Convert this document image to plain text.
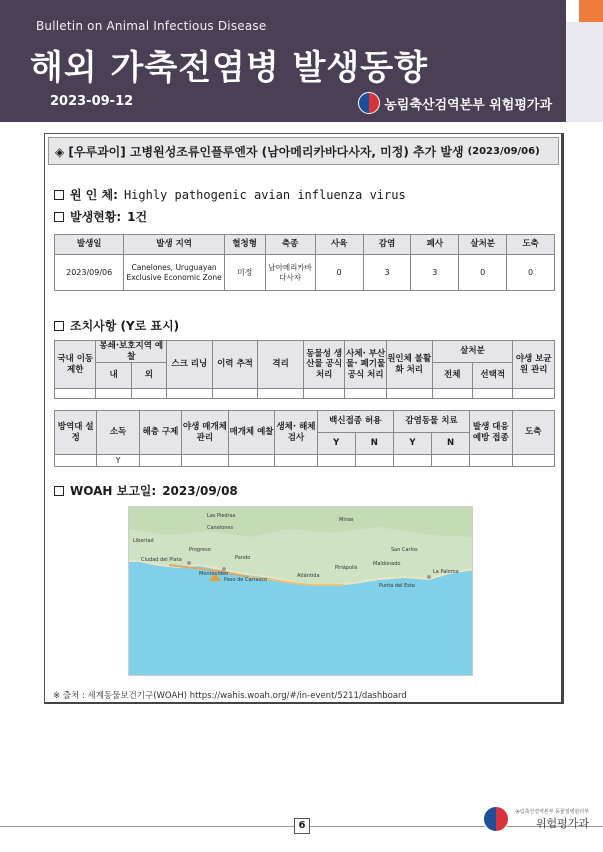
Bulletin on Animal Infectious Disease
해외 가축전염병 발생동향
2023-09-12	농림축산검역본부 위험평가과
◈ [우루과이] 고병원성조류인플루엔자 (남아메리카바다사자, 미정) 추가 발생 (2023/09/06)
원 인 체: Highly pathogenic avian influenza virus
발생현황: 1건
발생일	발생 지역	혈청형	축종	사육	감염	폐사	살처분	도축
2023/09/06	Canelones, Uruguayan Exclusive Economic Zone	미정	남아메리카바다사자	0	3	3	0	0
조치사항 (Y로 표시)
국내 이동 제한	봉쇄·보호지역 예찰		스크 리닝	이력 추적	격리	동물성 생산물 공식 처리	사체· 부산물· 폐기물 공식 처리	원인체 불활화 처리	살처분		야생 보균원 관리
	내	외							전체	선택적	

방역대 설정	소독	해충 구제	야생 매개체 관리	매개체 예찰	생체· 해체 검사	백신접종 허용		감염동물 치료		발생 대응 예방 접종	도축
						Y	N	Y	N		
	Y										
WOAH 보고일: 2023/09/08
Las Piedras
Canelones
Libertad
Ciudad del Plata
Progreso
Pando
Montevideo
Paso de Carrasco
Atlántida
Minas
San Carlos
Piriápolis
Punta del Este
La Paloma
Maldonado
※ 출처 : 세계동물보건기구(WOAH) https://wahis.woah.org/#/in-event/5211/dashboard
6
농림축산검역본부 동물질병관리부
위험평가과
